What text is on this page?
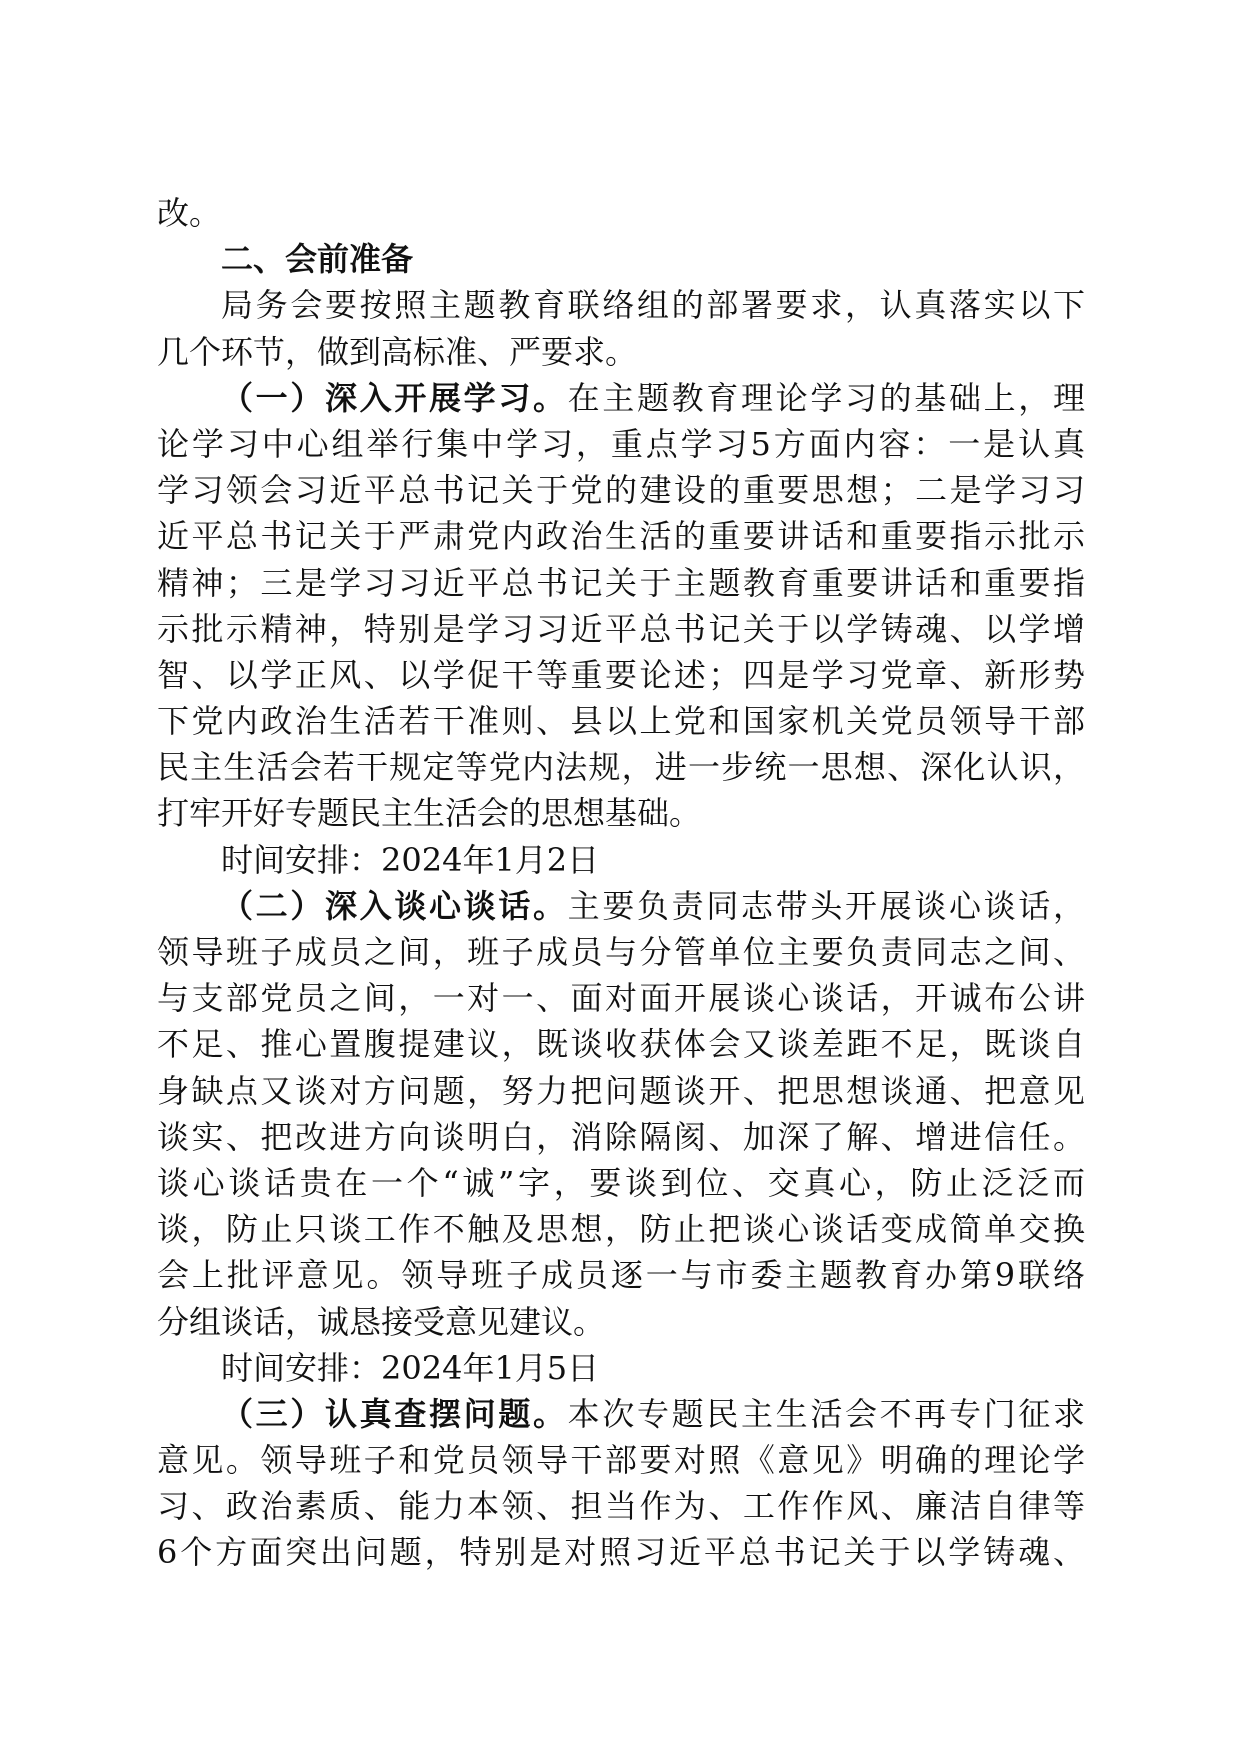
改。

二、会前准备

局务会要按照主题教育联络组的部署要求，认真落实以下

几个环节，做到高标准、严要求。

（一）深入开展学习。在主题教育理论学习的基础上，理

论学习中心组举行集中学习，重点学习5方面内容：一是认真

学习领会习近平总书记关于党的建设的重要思想；二是学习习

近平总书记关于严肃党内政治生活的重要讲话和重要指示批示

精神；三是学习习近平总书记关于主题教育重要讲话和重要指

示批示精神，特别是学习习近平总书记关于以学铸魂、以学增

智、以学正风、以学促干等重要论述；四是学习党章、新形势

下党内政治生活若干准则、县以上党和国家机关党员领导干部

民主生活会若干规定等党内法规，进一步统一思想、深化认识，

打牢开好专题民主生活会的思想基础。

时间安排：2024年1月2日

（二）深入谈心谈话。主要负责同志带头开展谈心谈话，

领导班子成员之间，班子成员与分管单位主要负责同志之间、

与支部党员之间，一对一、面对面开展谈心谈话，开诚布公讲

不足、推心置腹提建议，既谈收获体会又谈差距不足，既谈自

身缺点又谈对方问题，努力把问题谈开、把思想谈通、把意见

谈实、把改进方向谈明白，消除隔阂、加深了解、增进信任。

谈心谈话贵在一个“诚”字，要谈到位、交真心，防止泛泛而

谈，防止只谈工作不触及思想，防止把谈心谈话变成简单交换

会上批评意见。领导班子成员逐一与市委主题教育办第9联络

分组谈话，诚恳接受意见建议。

时间安排：2024年1月5日

（三）认真查摆问题。本次专题民主生活会不再专门征求

意见。领导班子和党员领导干部要对照《意见》明确的理论学

习、政治素质、能力本领、担当作为、工作作风、廉洁自律等

6个方面突出问题，特别是对照习近平总书记关于以学铸魂、
